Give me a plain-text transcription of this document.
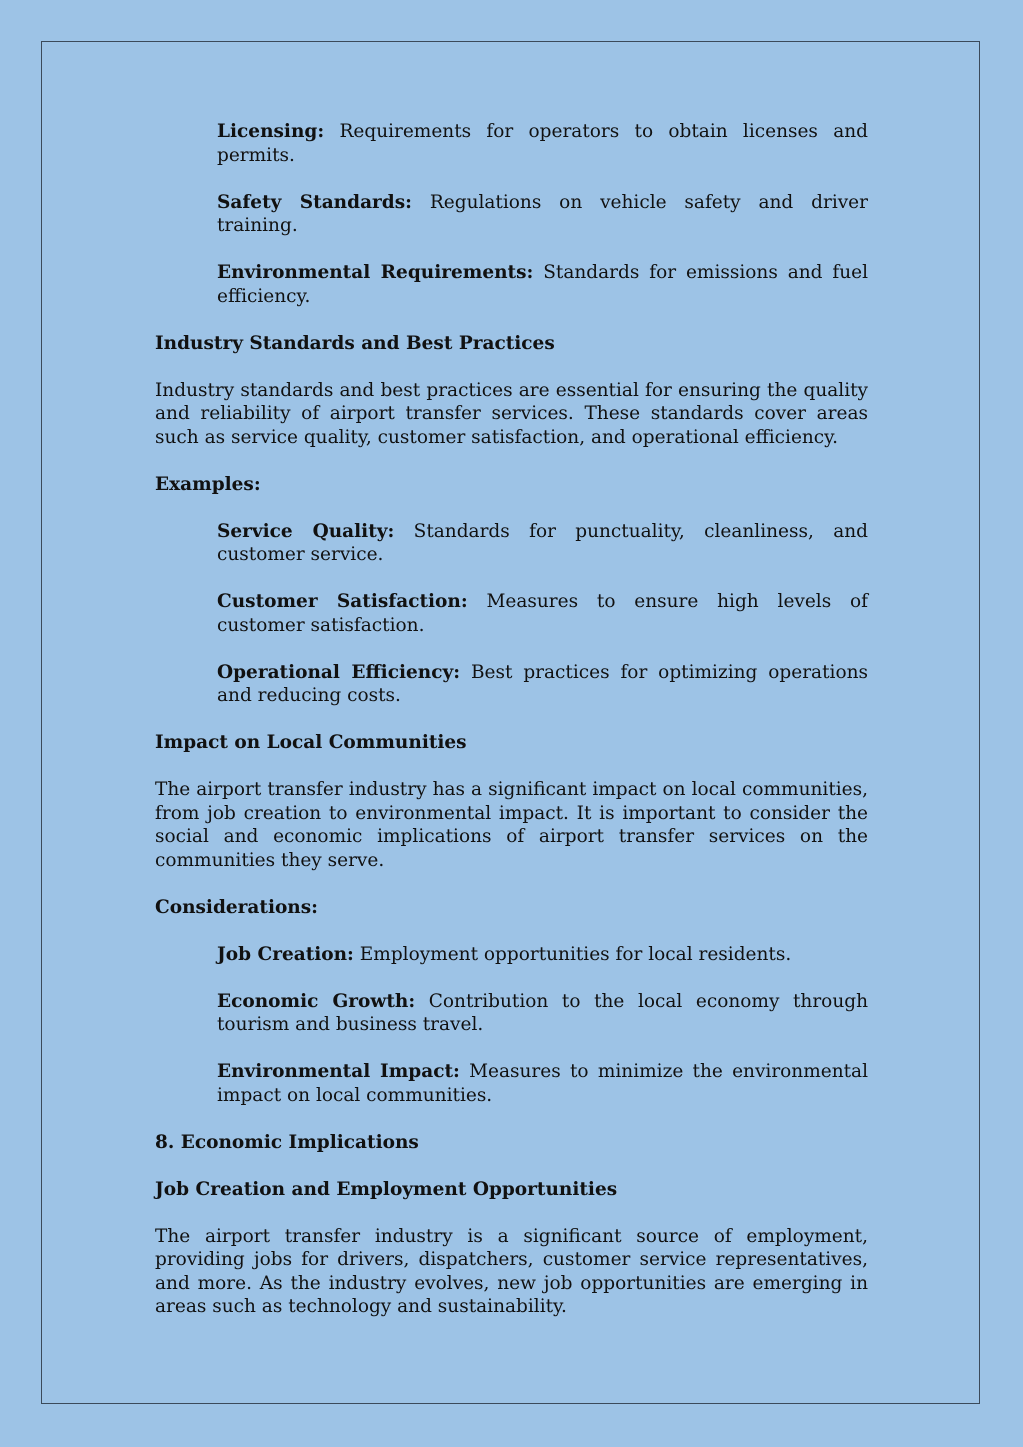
Licensing: Requirements for operators to obtain licenses and permits.

Safety Standards: Regulations on vehicle safety and driver training.

Environmental Requirements: Standards for emissions and fuel efficiency.

Industry Standards and Best Practices

Industry standards and best practices are essential for ensuring the quality and reliability of airport transfer services. These standards cover areas such as service quality, customer satisfaction, and operational efficiency.

Examples:

Service Quality: Standards for punctuality, cleanliness, and customer service.

Customer Satisfaction: Measures to ensure high levels of customer satisfaction.

Operational Efficiency: Best practices for optimizing operations and reducing costs.

Impact on Local Communities

The airport transfer industry has a significant impact on local communities, from job creation to environmental impact. It is important to consider the social and economic implications of airport transfer services on the communities they serve.

Considerations:

Job Creation: Employment opportunities for local residents.

Economic Growth: Contribution to the local economy through tourism and business travel.

Environmental Impact: Measures to minimize the environmental impact on local communities.

8. Economic Implications

Job Creation and Employment Opportunities

The airport transfer industry is a significant source of employment, providing jobs for drivers, dispatchers, customer service representatives, and more. As the industry evolves, new job opportunities are emerging in areas such as technology and sustainability.
